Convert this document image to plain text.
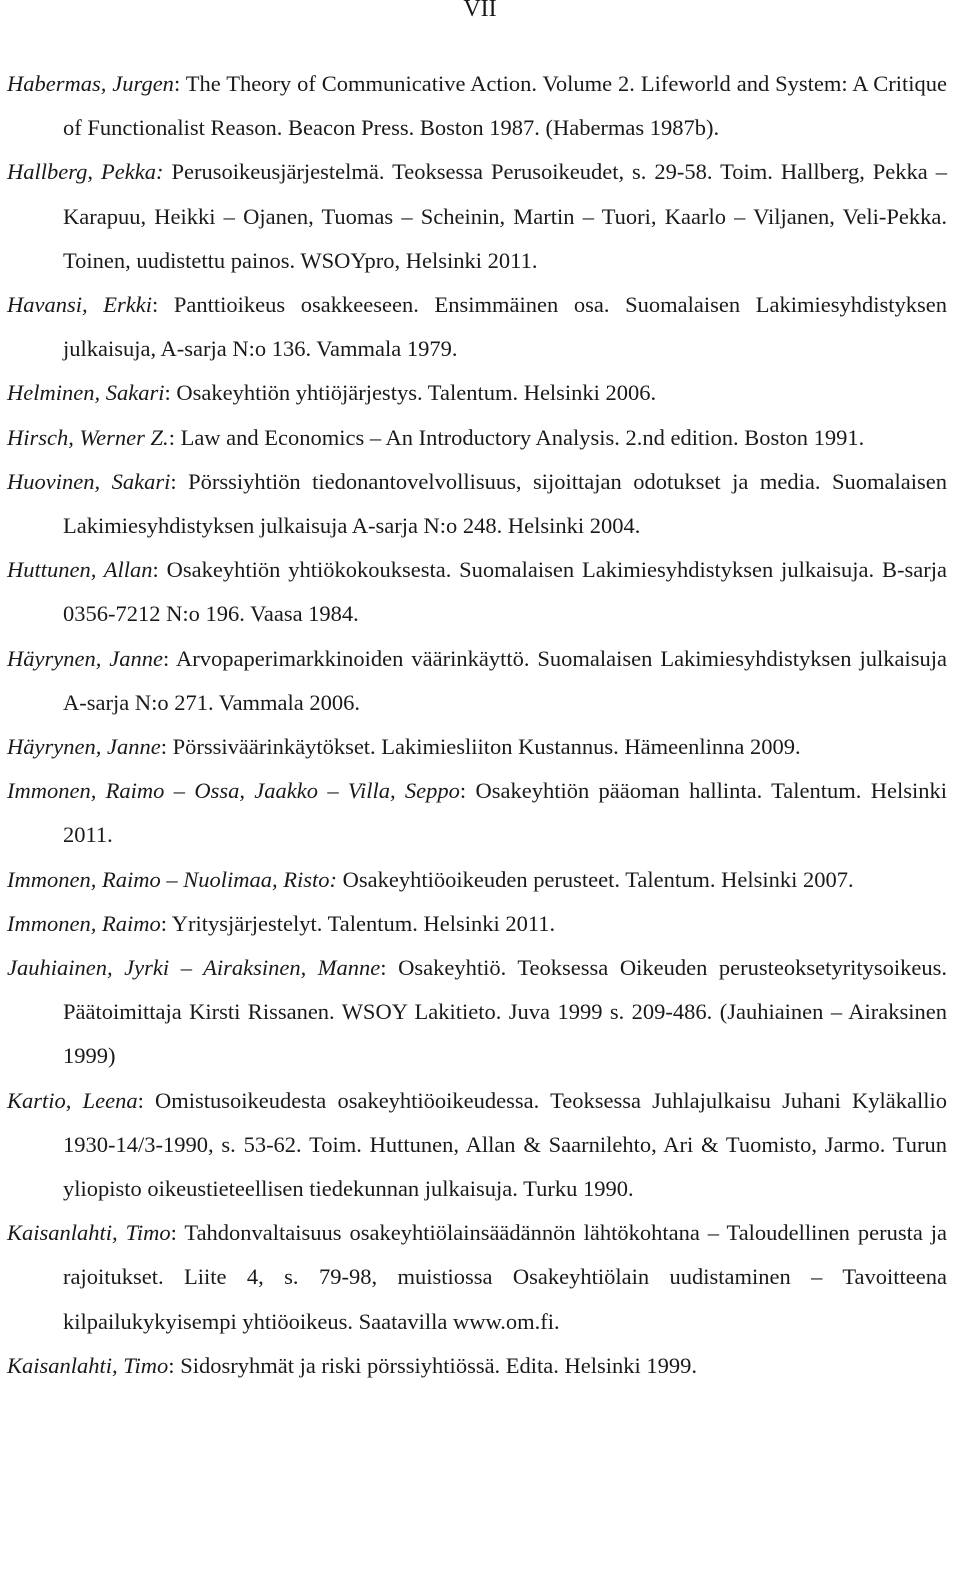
VII

Habermas, Jurgen: The Theory of Communicative Action. Volume 2. Lifeworld and System: A Critique of Functionalist Reason. Beacon Press. Boston 1987. (Habermas 1987b).

Hallberg, Pekka: Perusoikeusjärjestelmä. Teoksessa Perusoikeudet, s. 29-58. Toim. Hallberg, Pekka – Karapuu, Heikki – Ojanen, Tuomas – Scheinin, Martin – Tuori, Kaarlo – Viljanen, Veli-Pekka. Toinen, uudistettu painos. WSOYpro, Helsinki 2011.

Havansi, Erkki: Panttioikeus osakkeeseen. Ensimmäinen osa. Suomalaisen Lakimiesyhdistyksen julkaisuja, A-sarja N:o 136. Vammala 1979.

Helminen, Sakari: Osakeyhtiön yhtiöjärjestys. Talentum. Helsinki 2006.

Hirsch, Werner Z.: Law and Economics – An Introductory Analysis. 2.nd edition. Boston 1991.

Huovinen, Sakari: Pörssiyhtiön tiedonantovelvollisuus, sijoittajan odotukset ja media. Suomalaisen Lakimiesyhdistyksen julkaisuja A-sarja N:o 248. Helsinki 2004.

Huttunen, Allan: Osakeyhtiön yhtiökokouksesta. Suomalaisen Lakimiesyhdistyksen julkaisuja. B-sarja 0356-7212 N:o 196. Vaasa 1984.

Häyrynen, Janne: Arvopaperimarkkinoiden väärinkäyttö. Suomalaisen Lakimiesyhdistyksen julkaisuja A-sarja N:o 271. Vammala 2006.

Häyrynen, Janne: Pörssiväärinkäytökset. Lakimiesliiton Kustannus. Hämeenlinna 2009.

Immonen, Raimo – Ossa, Jaakko – Villa, Seppo: Osakeyhtiön pääoman hallinta. Talentum. Helsinki 2011.

Immonen, Raimo – Nuolimaa, Risto: Osakeyhtiöoikeuden perusteet. Talentum. Helsinki 2007.

Immonen, Raimo: Yritysjärjestelyt. Talentum. Helsinki 2011.

Jauhiainen, Jyrki – Airaksinen, Manne: Osakeyhtiö. Teoksessa Oikeuden perusteoksetyritysoikeus. Päätoimittaja Kirsti Rissanen. WSOY Lakitieto. Juva 1999 s. 209-486. (Jauhiainen – Airaksinen 1999)

Kartio, Leena: Omistusoikeudesta osakeyhtiöoikeudessa. Teoksessa Juhlajulkaisu Juhani Kyläkallio 1930-14/3-1990, s. 53-62. Toim. Huttunen, Allan & Saarnilehto, Ari & Tuomisto, Jarmo. Turun yliopisto oikeustieteellisen tiedekunnan julkaisuja. Turku 1990.

Kaisanlahti, Timo: Tahdonvaltaisuus osakeyhtiölainsäädännön lähtökohtana – Taloudellinen perusta ja rajoitukset. Liite 4, s. 79-98, muistiossa Osakeyhtiölain uudistaminen – Tavoitteena kilpailukykyisempi yhtiöoikeus. Saatavilla www.om.fi.

Kaisanlahti, Timo: Sidosryhmät ja riski pörssiyhtiössä. Edita. Helsinki 1999.
